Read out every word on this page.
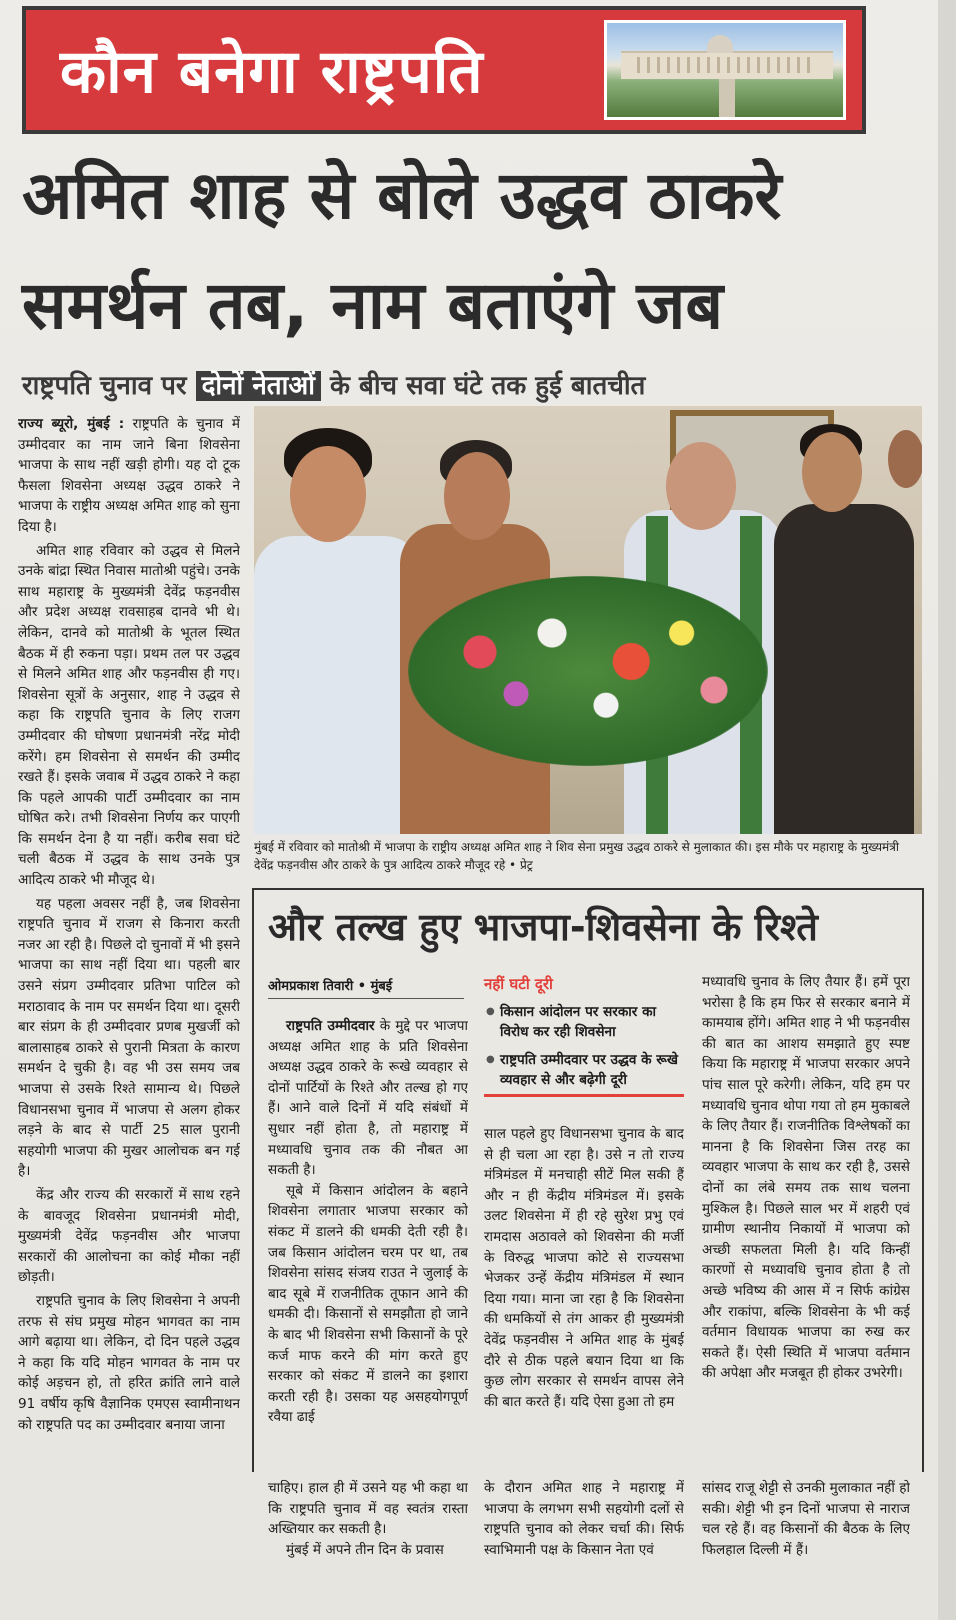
कौन बनेगा राष्ट्रपति
अमित शाह से बोले उद्धव ठाकरे
समर्थन तब, नाम बताएंगे जब
राष्ट्रपति चुनाव पर दोनों नेताओं के बीच सवा घंटे तक हुई बातचीत

राज्य ब्यूरो, मुंबई : राष्ट्रपति के चुनाव में उम्मीदवार का नाम जाने बिना शिवसेना भाजपा के साथ नहीं खड़ी होगी। यह दो टूक फैसला शिवसेना अध्यक्ष उद्धव ठाकरे ने भाजपा के राष्ट्रीय अध्यक्ष अमित शाह को सुना दिया है।

अमित शाह रविवार को उद्धव से मिलने उनके बांद्रा स्थित निवास मातोश्री पहुंचे। उनके साथ महाराष्ट्र के मुख्यमंत्री देवेंद्र फड़नवीस और प्रदेश अध्यक्ष रावसाहब दानवे भी थे। लेकिन, दानवे को मातोश्री के भूतल स्थित बैठक में ही रुकना पड़ा। प्रथम तल पर उद्धव से मिलने अमित शाह और फड़नवीस ही गए। शिवसेना सूत्रों के अनुसार, शाह ने उद्धव से कहा कि राष्ट्रपति चुनाव के लिए राजग उम्मीदवार की घोषणा प्रधानमंत्री नरेंद्र मोदी करेंगे। हम शिवसेना से समर्थन की उम्मीद रखते हैं। इसके जवाब में उद्धव ठाकरे ने कहा कि पहले आपकी पार्टी उम्मीदवार का नाम घोषित करे। तभी शिवसेना निर्णय कर पाएगी कि समर्थन देना है या नहीं। करीब सवा घंटे चली बैठक में उद्धव के साथ उनके पुत्र आदित्य ठाकरे भी मौजूद थे।

यह पहला अवसर नहीं है, जब शिवसेना राष्ट्रपति चुनाव में राजग से किनारा करती नजर आ रही है। पिछले दो चुनावों में भी इसने भाजपा का साथ नहीं दिया था। पहली बार उसने संप्रग उम्मीदवार प्रतिभा पाटिल को मराठावाद के नाम पर समर्थन दिया था। दूसरी बार संप्रग के ही उम्मीदवार प्रणब मुखर्जी को बालासाहब ठाकरे से पुरानी मित्रता के कारण समर्थन दे चुकी है। वह भी उस समय जब भाजपा से उसके रिश्ते सामान्य थे। पिछले विधानसभा चुनाव में भाजपा से अलग होकर लड़ने के बाद से पार्टी 25 साल पुरानी सहयोगी भाजपा की मुखर आलोचक बन गई है।

केंद्र और राज्य की सरकारों में साथ रहने के बावजूद शिवसेना प्रधानमंत्री मोदी, मुख्यमंत्री देवेंद्र फड़नवीस और भाजपा सरकारों की आलोचना का कोई मौका नहीं छोड़ती।

राष्ट्रपति चुनाव के लिए शिवसेना ने अपनी तरफ से संघ प्रमुख मोहन भागवत का नाम आगे बढ़ाया था। लेकिन, दो दिन पहले उद्धव ने कहा कि यदि मोहन भागवत के नाम पर कोई अड़चन हो, तो हरित क्रांति लाने वाले 91 वर्षीय कृषि वैज्ञानिक एमएस स्वामीनाथन को राष्ट्रपति पद का उम्मीदवार बनाया जाना

मुंबई में रविवार को मातोश्री में भाजपा के राष्ट्रीय अध्यक्ष अमित शाह ने शिव सेना प्रमुख उद्धव ठाकरे से मुलाकात की। इस मौके पर महाराष्ट्र के मुख्यमंत्री देवेंद्र फड़नवीस और ठाकरे के पुत्र आदित्य ठाकरे मौजूद रहे • प्रेट्र
और तल्ख हुए भाजपा-शिवसेना के रिश्ते
ओमप्रकाश तिवारी • मुंबई

राष्ट्रपति उम्मीदवार के मुद्दे पर भाजपा अध्यक्ष अमित शाह के प्रति शिवसेना अध्यक्ष उद्धव ठाकरे के रूखे व्यवहार से दोनों पार्टियों के रिश्ते और तल्ख हो गए हैं। आने वाले दिनों में यदि संबंधों में सुधार नहीं होता है, तो महाराष्ट्र में मध्यावधि चुनाव तक की नौबत आ सकती है।

सूबे में किसान आंदोलन के बहाने शिवसेना लगातार भाजपा सरकार को संकट में डालने की धमकी देती रही है। जब किसान आंदोलन चरम पर था, तब शिवसेना सांसद संजय राउत ने जुलाई के बाद सूबे में राजनीतिक तूफान आने की धमकी दी। किसानों से समझौता हो जाने के बाद भी शिवसेना सभी किसानों के पूरे कर्ज माफ करने की मांग करते हुए सरकार को संकट में डालने का इशारा करती रही है। उसका यह असहयोगपूर्ण रवैया ढाई

नहीं घटी दूरी
● किसान आंदोलन पर सरकार का विरोध कर रही शिवसेना
● राष्ट्रपति उम्मीदवार पर उद्धव के रूखे व्यवहार से और बढ़ेगी दूरी

साल पहले हुए विधानसभा चुनाव के बाद से ही चला आ रहा है। उसे न तो राज्य मंत्रिमंडल में मनचाही सीटें मिल सकी हैं और न ही केंद्रीय मंत्रिमंडल में। इसके उलट शिवसेना में ही रहे सुरेश प्रभु एवं रामदास अठावले को शिवसेना की मर्जी के विरुद्ध भाजपा कोटे से राज्यसभा भेजकर उन्हें केंद्रीय मंत्रिमंडल में स्थान दिया गया। माना जा रहा है कि शिवसेना की धमकियों से तंग आकर ही मुख्यमंत्री देवेंद्र फड़नवीस ने अमित शाह के मुंबई दौरे से ठीक पहले बयान दिया था कि कुछ लोग सरकार से समर्थन वापस लेने की बात करते हैं। यदि ऐसा हुआ तो हम

मध्यावधि चुनाव के लिए तैयार हैं। हमें पूरा भरोसा है कि हम फिर से सरकार बनाने में कामयाब होंगे। अमित शाह ने भी फड़नवीस की बात का आशय समझाते हुए स्पष्ट किया कि महाराष्ट्र में भाजपा सरकार अपने पांच साल पूरे करेगी। लेकिन, यदि हम पर मध्यावधि चुनाव थोपा गया तो हम मुकाबले के लिए तैयार हैं। राजनीतिक विश्लेषकों का मानना है कि शिवसेना जिस तरह का व्यवहार भाजपा के साथ कर रही है, उससे दोनों का लंबे समय तक साथ चलना मुश्किल है। पिछले साल भर में शहरी एवं ग्रामीण स्थानीय निकायों में भाजपा को अच्छी सफलता मिली है। यदि किन्हीं कारणों से मध्यावधि चुनाव होता है तो अच्छे भविष्य की आस में न सिर्फ कांग्रेस और राकांपा, बल्कि शिवसेना के भी कई वर्तमान विधायक भाजपा का रुख कर सकते हैं। ऐसी स्थिति में भाजपा वर्तमान की अपेक्षा और मजबूत ही होकर उभरेगी।

चाहिए। हाल ही में उसने यह भी कहा था कि राष्ट्रपति चुनाव में वह स्वतंत्र रास्ता अख्तियार कर सकती है।

मुंबई में अपने तीन दिन के प्रवास

के दौरान अमित शाह ने महाराष्ट्र में भाजपा के लगभग सभी सहयोगी दलों से राष्ट्रपति चुनाव को लेकर चर्चा की। सिर्फ स्वाभिमानी पक्ष के किसान नेता एवं

सांसद राजू शेट्टी से उनकी मुलाकात नहीं हो सकी। शेट्टी भी इन दिनों भाजपा से नाराज चल रहे हैं। वह किसानों की बैठक के लिए फिलहाल दिल्ली में हैं।
